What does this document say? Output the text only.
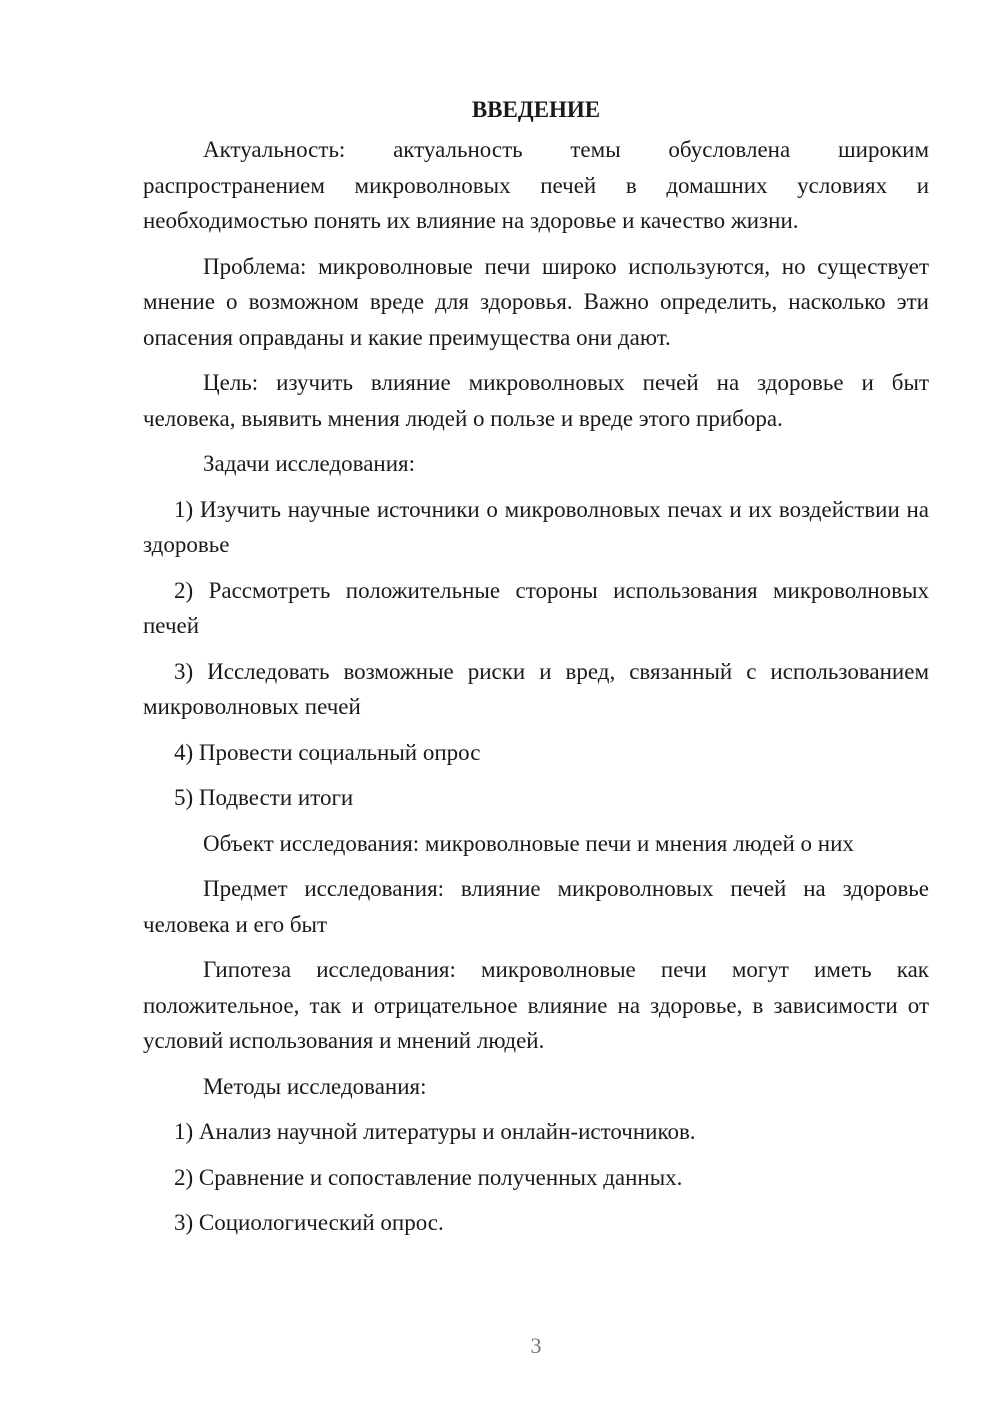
ВВЕДЕНИЕ

Актуальность: актуальность темы обусловлена широким распространением микроволновых печей в домашних условиях и необходимостью понять их влияние на здоровье и качество жизни.

Проблема: микроволновые печи широко используются, но существует мнение о возможном вреде для здоровья. Важно определить, насколько эти опасения оправданы и какие преимущества они дают.

Цель: изучить влияние микроволновых печей на здоровье и быт человека, выявить мнения людей о пользе и вреде этого прибора.

Задачи исследования:

1) Изучить научные источники о микроволновых печах и их воздействии на здоровье

2) Рассмотреть положительные стороны использования микроволновых печей

3) Исследовать возможные риски и вред, связанный с использованием микроволновых печей

4) Провести социальный опрос

5) Подвести итоги

Объект исследования: микроволновые печи и мнения людей о них

Предмет исследования: влияние микроволновых печей на здоровье человека и его быт

Гипотеза исследования: микроволновые печи могут иметь как положительное, так и отрицательное влияние на здоровье, в зависимости от условий использования и мнений людей.

Методы исследования:

1) Анализ научной литературы и онлайн-источников.

2) Сравнение и сопоставление полученных данных.

3) Социологический опрос.

3
